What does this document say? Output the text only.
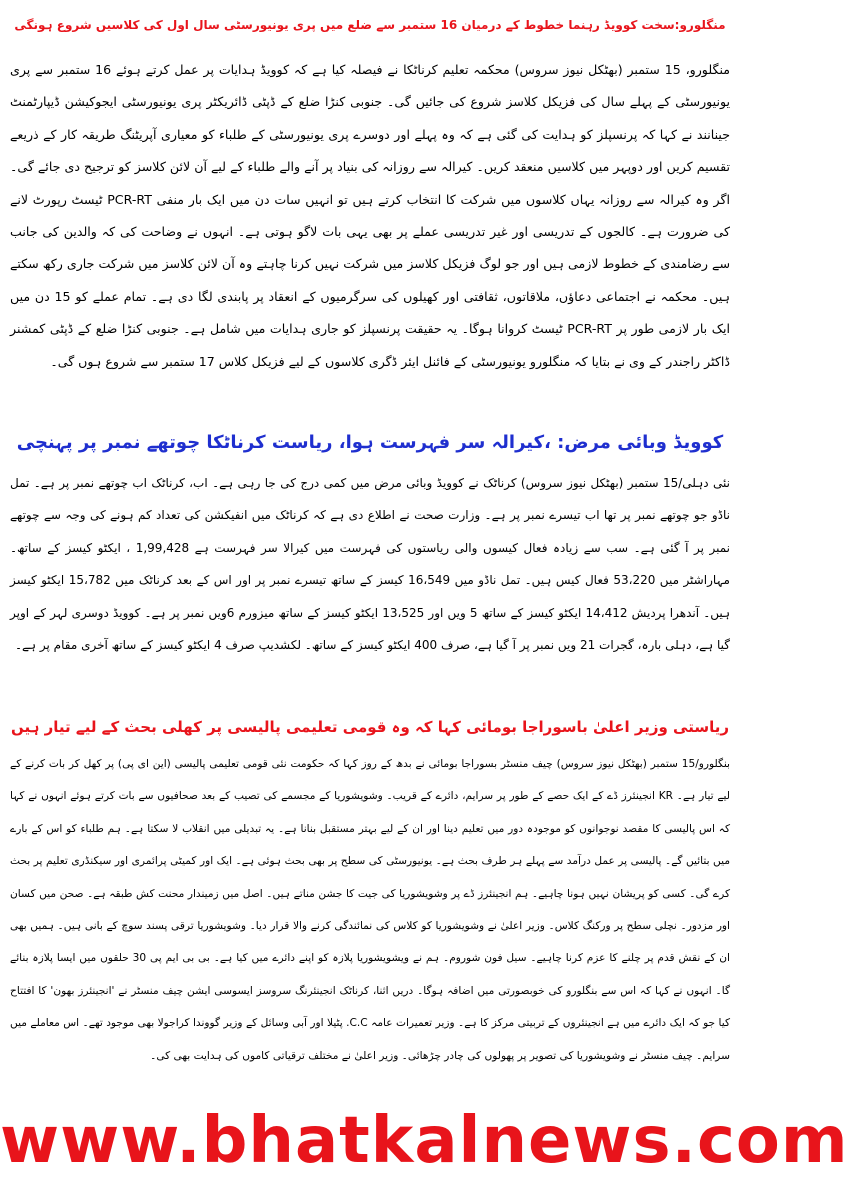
منگلورو:سخت کوویڈ رہنما خطوط کے درمیان 16 ستمبر سے ضلع میں پری یونیورسٹی سال اول کی کلاسیں شروع ہونگی

منگلورو، 15 ستمبر (بھٹکل نیوز سروس) محکمہ تعلیم کرناٹکا نے فیصلہ کیا ہے کہ کوویڈ ہدایات پر عمل کرتے ہوئے 16 ستمبر سے پری یونیورسٹی کے پہلے سال کی فزیکل کلاسز شروع کی جائیں گی۔ جنوبی کنڑا ضلع کے ڈپٹی ڈائریکٹر پری یونیورسٹی ایجوکیشن ڈیپارٹمنٹ جینانند نے کہا کہ پرنسپلز کو ہدایت کی گئی ہے کہ وہ پہلے اور دوسرے پری یونیورسٹی کے طلباء کو معیاری آپریٹنگ طریقہ کار کے ذریعے تقسیم کریں اور دوپہر میں کلاسیں منعقد کریں۔ کیرالہ سے روزانہ کی بنیاد پر آنے والے طلباء کے لیے آن لائن کلاسز کو ترجیح دی جائے گی۔ اگر وہ کیرالہ سے روزانہ یہاں کلاسوں میں شرکت کا انتخاب کرتے ہیں تو انہیں سات دن میں ایک بار منفی PCR-RT ٹیسٹ رپورٹ لانے کی ضرورت ہے۔ کالجوں کے تدریسی اور غیر تدریسی عملے پر بھی یہی بات لاگو ہوتی ہے۔ انہوں نے وضاحت کی کہ والدین کی جانب سے رضامندی کے خطوط لازمی ہیں اور جو لوگ فزیکل کلاسز میں شرکت نہیں کرنا چاہتے وہ آن لائن کلاسز میں شرکت جاری رکھ سکتے ہیں۔ محکمہ نے اجتماعی دعاؤں، ملاقاتوں، ثقافتی اور کھیلوں کی سرگرمیوں کے انعقاد پر پابندی لگا دی ہے۔ تمام عملے کو 15 دن میں ایک بار لازمی طور پر PCR-RT ٹیسٹ کروانا ہوگا۔ یہ حقیقت پرنسپلز کو جاری ہدایات میں شامل ہے۔ جنوبی کنڑا ضلع کے ڈپٹی کمشنر ڈاکٹر راجندر کے وی نے بتایا کہ منگلورو یونیورسٹی کے فائنل ایئر ڈگری کلاسوں کے لیے فزیکل کلاس 17 ستمبر سے شروع ہوں گی۔

کوویڈ وبائی مرض: ،کیرالہ سر فہرست ہوا، ریاست کرناٹکا چوتھے نمبر پر پہنچی

نئی دہلی/15 ستمبر (بھٹکل نیوز سروس) کرناٹک نے کوویڈ وبائی مرض میں کمی درج کی جا رہی ہے۔ اب، کرناٹک اب چوتھے نمبر پر ہے۔ تمل ناڈو جو چوتھے نمبر پر تھا اب تیسرے نمبر پر ہے۔ وزارت صحت نے اطلاع دی ہے کہ کرناٹک میں انفیکشن کی تعداد کم ہونے کی وجہ سے چوتھے نمبر پر آ گئی ہے۔ سب سے زیادہ فعال کیسوں والی ریاستوں کی فہرست میں کیرالا سر فہرست ہے 1,99,428 ، ایکٹو کیسز کے ساتھ۔ مہاراشٹر میں 53،220 فعال کیس ہیں۔ تمل ناڈو میں 16،549 کیسز کے ساتھ تیسرے نمبر پر اور اس کے بعد کرناٹک میں 15،782 ایکٹو کیسز ہیں۔ آندھرا پردیش 14،412 ایکٹو کیسز کے ساتھ 5 ویں اور 13،525 ایکٹو کیسز کے ساتھ میزورم 6ویں نمبر پر ہے۔ کوویڈ دوسری لہر کے اوپر گیا ہے، دہلی بارہ، گجرات 21 ویں نمبر پر آ گیا ہے، صرف 400 ایکٹو کیسز کے ساتھ۔ لکشدیپ صرف 4 ایکٹو کیسز کے ساتھ آخری مقام پر ہے۔

ریاستی وزیر اعلیٰ باسوراجا بومائی کہا کہ وہ قومی تعلیمی پالیسی پر کھلی بحث کے لیے تیار ہیں

بنگلورو/15 ستمبر (بھٹکل نیوز سروس) چیف منسٹر بسوراجا بومائی نے بدھ کے روز کہا کہ حکومت نئی قومی تعلیمی پالیسی (این ای پی) پر کھل کر بات کرنے کے لیے تیار ہے۔ KR انجینئرز ڈے کے ایک حصے کے طور پر سرایم، دائرے کے قریب۔ وشویشوریا کے مجسمے کی تصیب کے بعد صحافیوں سے بات کرتے ہوئے انہوں نے کہا کہ اس پالیسی کا مقصد نوجوانوں کو موجودہ دور میں تعلیم دینا اور ان کے لیے بہتر مستقبل بنانا ہے۔ یہ تبدیلی میں انقلاب لا سکتا ہے۔ ہم طلباء کو اس کے بارے میں بتائیں گے۔ پالیسی پر عمل درآمد سے پہلے ہر طرف بحث ہے۔ یونیورسٹی کی سطح پر بھی بحث ہوئی ہے۔ ایک اور کمیٹی پرائمری اور سیکنڈری تعلیم پر بحث کرے گی۔ کسی کو پریشان نہیں ہونا چاہیے۔ ہم انجینئرز ڈے پر وشویشوریا کی جیت کا جشن مناتے ہیں۔ اصل میں زمیندار محنت کش طبقہ ہے۔ صحن میں کسان اور مزدور۔ نچلی سطح پر ورکنگ کلاس۔ وزیر اعلیٰ نے وشویشوریا کو کلاس کی نمائندگی کرنے والا قرار دیا۔ وشویشوریا ترقی پسند سوچ کے بانی ہیں۔ ہمیں بھی ان کے نقش قدم پر چلنے کا عزم کرنا چاہیے۔ سیل فون شوروم۔ ہم نے ویشویشوریا پلازہ کو اپنے دائرے میں کیا ہے۔ بی بی ایم پی 30 حلقوں میں ایسا پلازہ بنائے گا۔ انہوں نے کہا کہ اس سے بنگلورو کی خوبصورتی میں اضافہ ہوگا۔ دریں اثنا، کرناٹک انجینئرنگ سروسز ایسوسی ایشن چیف منسٹر نے 'انجینئرز بھون' کا افتتاح کیا جو کہ ایک دائرے میں ہے انجینئروں کے تربیتی مرکز کا ہے۔ وزیر تعمیرات عامہ C.C. پٹیلا اور آبی وسائل کے وزیر گووندا کراجولا بھی موجود تھے۔ اس معاملے میں سرایم۔ چیف منسٹر نے وشویشوریا کی تصویر پر پھولوں کی چادر چڑھائی۔ وزیر اعلیٰ نے مختلف ترقیاتی کاموں کی ہدایت بھی کی۔

www.bhatkalnews.com
